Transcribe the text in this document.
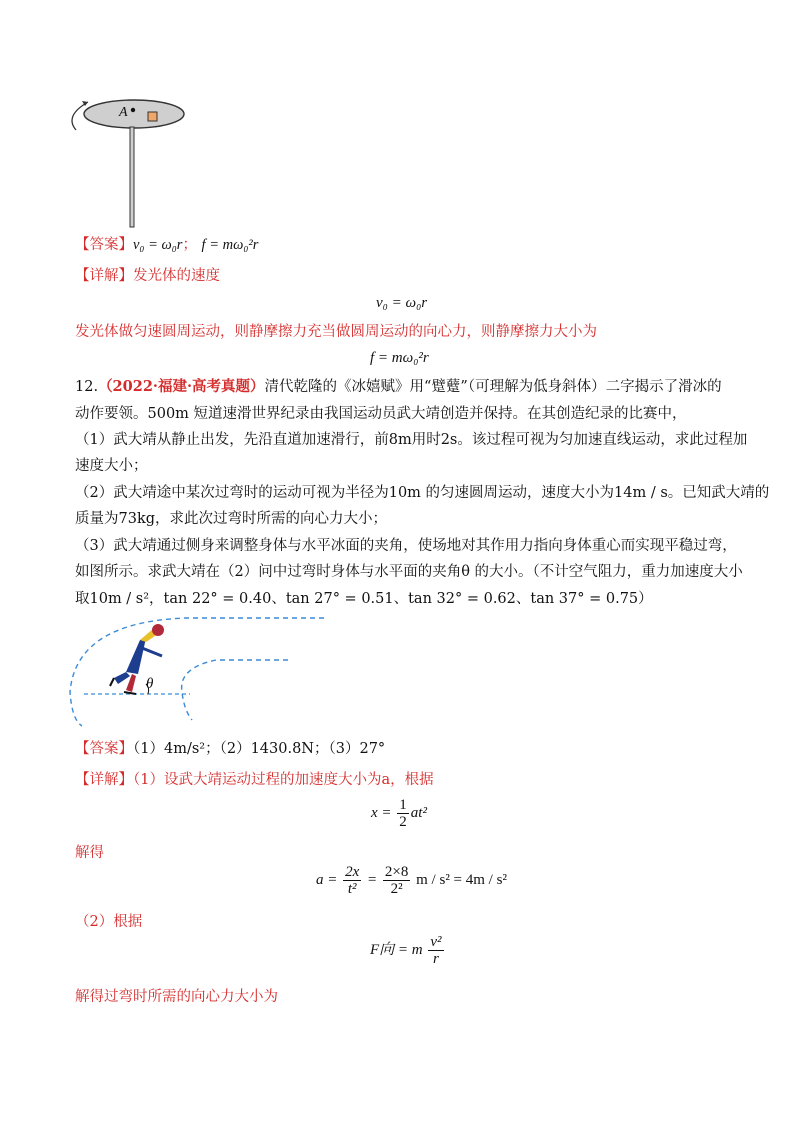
A
【答案】v₀ = ω₀r； f = mω₀²r
【详解】发光体的速度
v₀ = ω₀r
发光体做匀速圆周运动，则静摩擦力充当做圆周运动的向心力，则静摩擦力大小为
f = mω₀²r
12.（2022·福建·高考真题）清代乾隆的《冰嬉赋》用“躄躠”（可理解为低身斜体）二字揭示了滑冰的
动作要领。500m 短道速滑世界纪录由我国运动员武大靖创造并保持。在其创造纪录的比赛中，
（1）武大靖从静止出发，先沿直道加速滑行，前8m用时2s。该过程可视为匀加速直线运动，求此过程加
速度大小；
（2）武大靖途中某次过弯时的运动可视为半径为10m 的匀速圆周运动，速度大小为14m / s。已知武大靖的
质量为73kg，求此次过弯时所需的向心力大小；
（3）武大靖通过侧身来调整身体与水平冰面的夹角，使场地对其作用力指向身体重心而实现平稳过弯，
如图所示。求武大靖在（2）问中过弯时身体与水平面的夹角θ 的大小。（不计空气阻力，重力加速度大小
取10m / s²，tan 22° = 0.40、tan 27° = 0.51、tan 32° = 0.62、tan 37° = 0.75）
θ
【答案】（1）4m/s²；（2）1430.8N；（3）27°
【详解】（1）设武大靖运动过程的加速度大小为a，根据
$x = \frac{1}{2} at^2$
解得
$a = \frac{2x}{\text{t²}} = \frac{2\times 8}{\text{2²}}$ m / s² = 4m / s²
（2）根据
F向 = m $\frac{\text{v²}}{r}$
解得过弯时所需的向心力大小为
